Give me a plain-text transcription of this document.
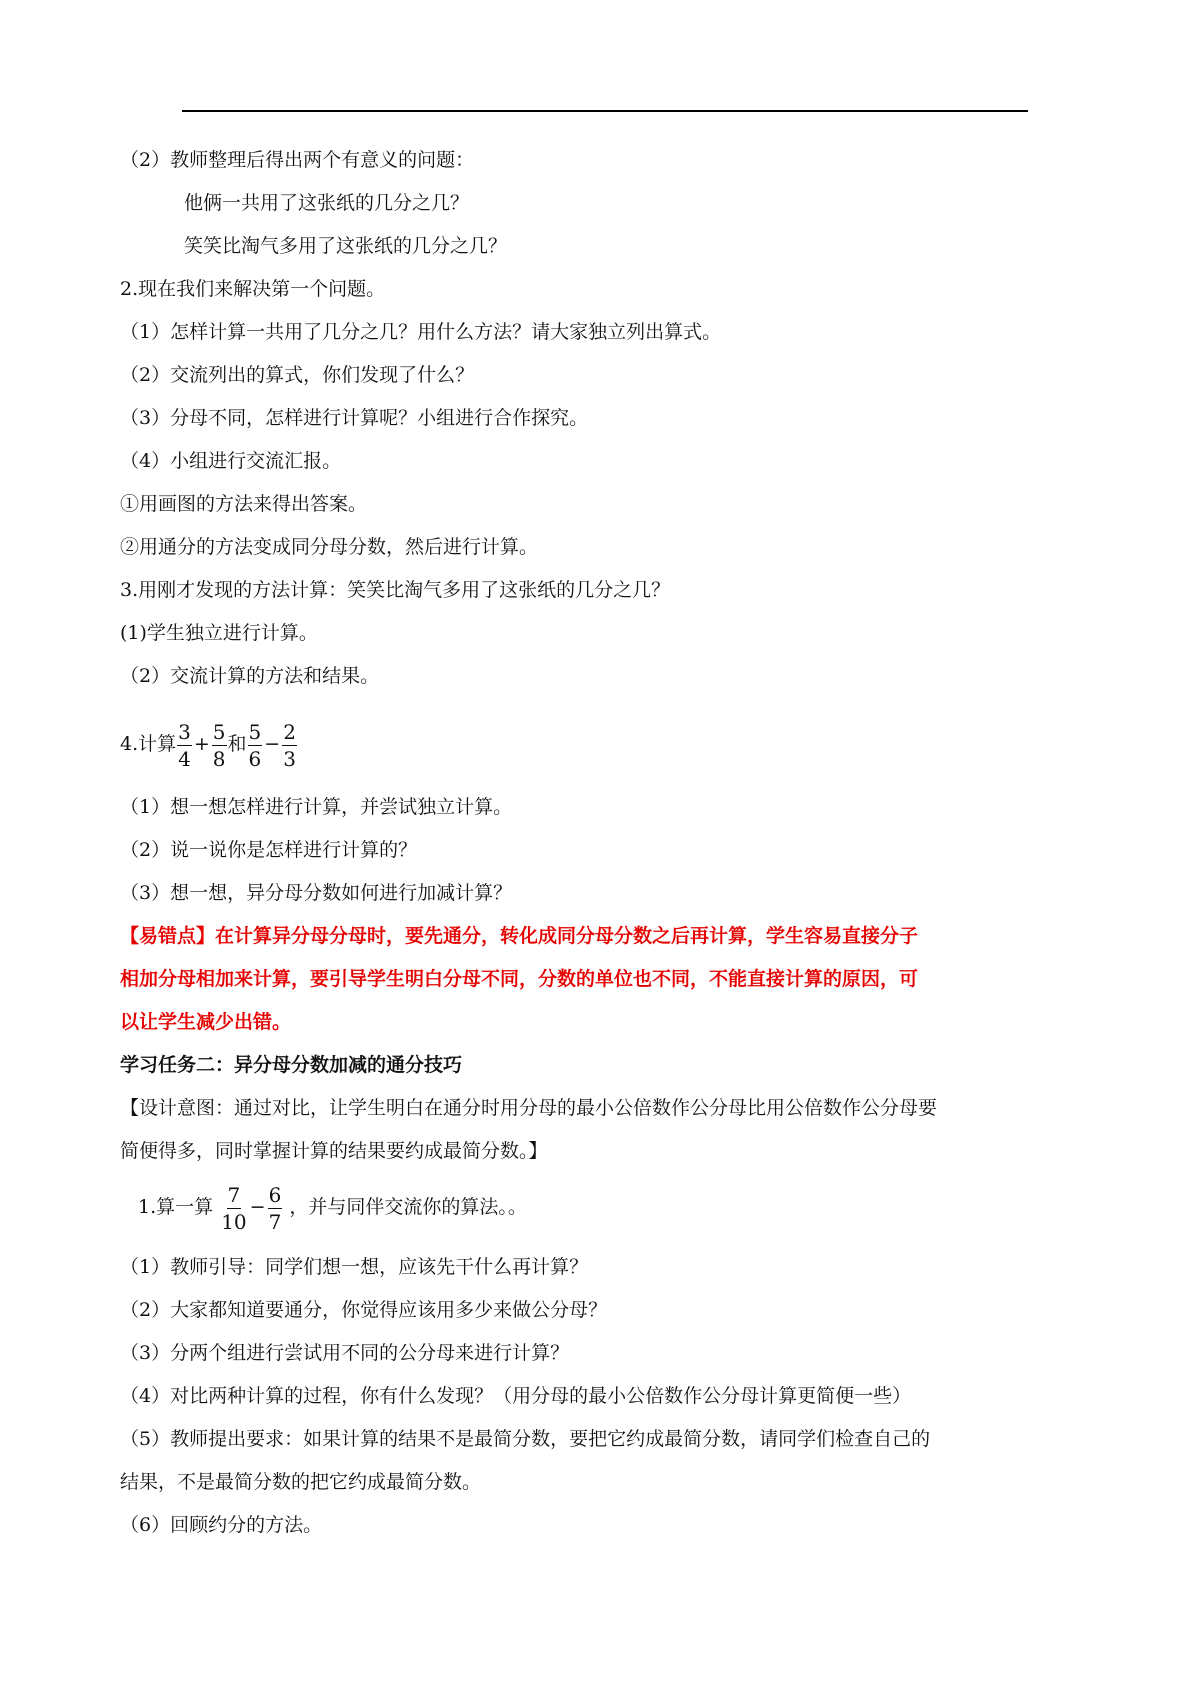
（2）教师整理后得出两个有意义的问题：
他俩一共用了这张纸的几分之几？
笑笑比淘气多用了这张纸的几分之几？
2.现在我们来解决第一个问题。
（1）怎样计算一共用了几分之几？用什么方法？请大家独立列出算式。
（2）交流列出的算式，你们发现了什么？
（3）分母不同，怎样进行计算呢？小组进行合作探究。
（4）小组进行交流汇报。
①用画图的方法来得出答案。
②用通分的方法变成同分母分数，然后进行计算。
3.用刚才发现的方法计算：笑笑比淘气多用了这张纸的几分之几？
(1)学生独立进行计算。
（2）交流计算的方法和结果。
4.计算 $\frac{3}{4} + \frac{5}{8}$ 和 $\frac{5}{6} - \frac{2}{3}$
（1）想一想怎样进行计算，并尝试独立计算。
（2）说一说你是怎样进行计算的？
（3）想一想，异分母分数如何进行加减计算？
【易错点】在计算异分母分母时，要先通分，转化成同分母分数之后再计算，学生容易直接分子
相加分母相加来计算，要引导学生明白分母不同，分数的单位也不同，不能直接计算的原因，可
以让学生减少出错。
学习任务二：异分母分数加减的通分技巧
【设计意图：通过对比，让学生明白在通分时用分母的最小公倍数作公分母比用公倍数作公分母要
简便得多，同时掌握计算的结果要约成最简分数。】
1.算一算 $\frac{7}{10} - \frac{6}{7}$ ，并与同伴交流你的算法。。
（1）教师引导：同学们想一想，应该先干什么再计算？
（2）大家都知道要通分，你觉得应该用多少来做公分母？
（3）分两个组进行尝试用不同的公分母来进行计算？
（4）对比两种计算的过程，你有什么发现？（用分母的最小公倍数作公分母计算更简便一些）
（5）教师提出要求：如果计算的结果不是最简分数，要把它约成最简分数，请同学们检查自己的
结果，不是最简分数的把它约成最简分数。
（6）回顾约分的方法。
